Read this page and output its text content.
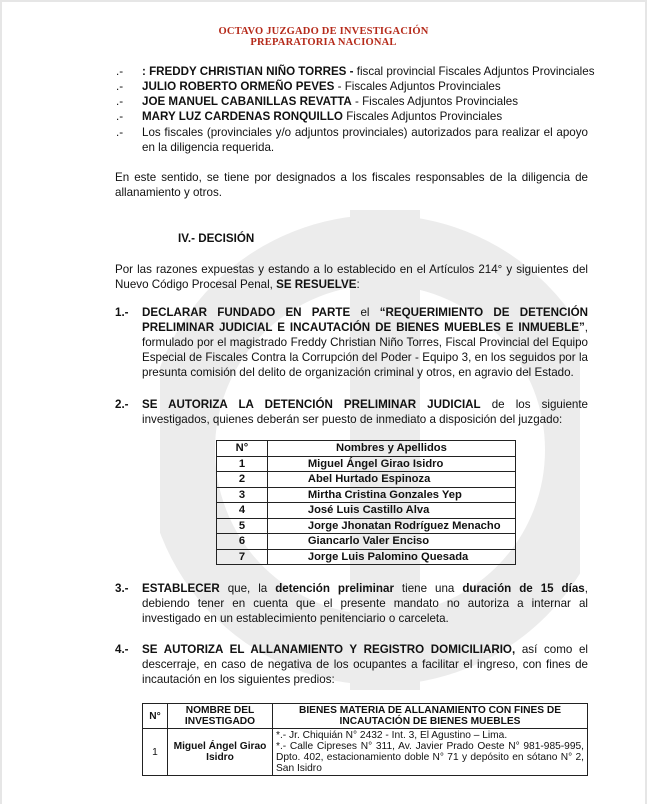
OCTAVO JUZGADO DE INVESTIGACIÓN
PREPARATORIA NACIONAL
.- : FREDDY CHRISTIAN NIÑO TORRES - fiscal provincial Fiscales Adjuntos Provinciales
.- JULIO ROBERTO ORMEÑO PEVES - Fiscales Adjuntos Provinciales
.- JOE MANUEL CABANILLAS REVATTA - Fiscales Adjuntos Provinciales
.- MARY LUZ CARDENAS RONQUILLO Fiscales Adjuntos Provinciales
.- Los fiscales (provinciales y/o adjuntos provinciales) autorizados para realizar el apoyo en la diligencia requerida.
En este sentido, se tiene por designados a los fiscales responsables de la diligencia de allanamiento y otros.
IV.- DECISIÓN
Por las razones expuestas y estando a lo establecido en el Artículos 214° y siguientes del Nuevo Código Procesal Penal, SE RESUELVE:
1.- DECLARAR FUNDADO EN PARTE el “REQUERIMIENTO DE DETENCIÓN PRELIMINAR JUDICIAL E INCAUTACIÓN DE BIENES MUEBLES E INMUEBLE”, formulado por el magistrado Freddy Christian Niño Torres, Fiscal Provincial del Equipo Especial de Fiscales Contra la Corrupción del Poder - Equipo 3, en los seguidos por la presunta comisión del delito de organización criminal y otros, en agravio del Estado.
2.- SE AUTORIZA LA DETENCIÓN PRELIMINAR JUDICIAL de los siguiente investigados, quienes deberán ser puesto de inmediato a disposición del juzgado:
N°	Nombres y Apellidos
1	Miguel Ángel Girao Isidro
2	Abel Hurtado Espinoza
3	Mirtha Cristina Gonzales Yep
4	José Luis Castillo Alva
5	Jorge Jhonatan Rodríguez Menacho
6	Giancarlo Valer Enciso
7	Jorge Luis Palomino Quesada
3.- ESTABLECER que, la detención preliminar tiene una duración de 15 días, debiendo tener en cuenta que el presente mandato no autoriza a internar al investigado en un establecimiento penitenciario o carceleta.
4.- SE AUTORIZA EL ALLANAMIENTO Y REGISTRO DOMICILIARIO, así como el descerraje, en caso de negativa de los ocupantes a facilitar el ingreso, con fines de incautación en los siguientes predios:
N°	NOMBRE DEL INVESTIGADO	BIENES MATERIA DE ALLANAMIENTO CON FINES DE INCAUTACIÓN DE BIENES MUEBLES
1	Miguel Ángel Girao Isidro	*.- Jr. Chiquián N° 2432 - Int. 3, El Agustino – Lima.
*.- Calle Cipreses N° 311, Av. Javier Prado Oeste N° 981-985-995, Dpto. 402, estacionamiento doble N° 71 y depósito en sótano N° 2, San Isidro
